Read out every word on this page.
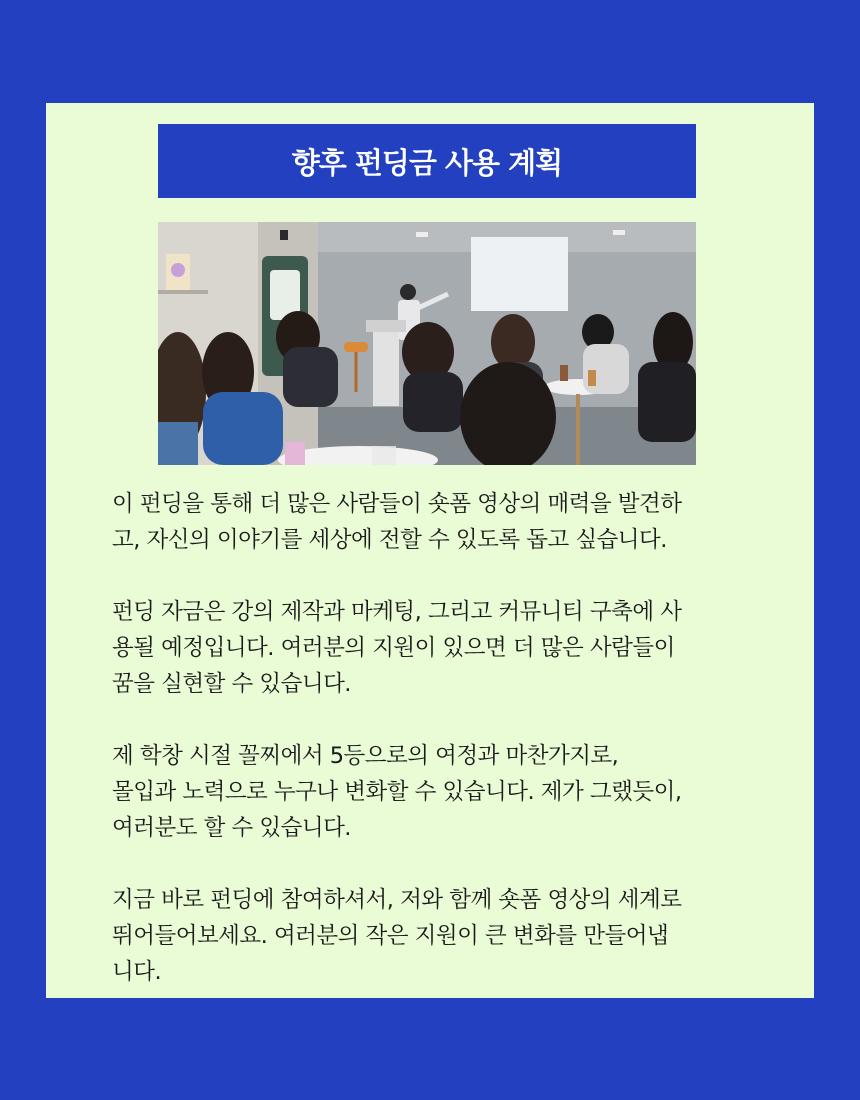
향후 펀딩금 사용 계획

이 펀딩을 통해 더 많은 사람들이 숏폼 영상의 매력을 발견하
고, 자신의 이야기를 세상에 전할 수 있도록 돕고 싶습니다.

펀딩 자금은 강의 제작과 마케팅, 그리고 커뮤니티 구축에 사
용될 예정입니다. 여러분의 지원이 있으면 더 많은 사람들이
꿈을 실현할 수 있습니다.

제 학창 시절 꼴찌에서 5등으로의 여정과 마찬가지로,
몰입과 노력으로 누구나 변화할 수 있습니다. 제가 그랬듯이,
여러분도 할 수 있습니다.

지금 바로 펀딩에 참여하셔서, 저와 함께 숏폼 영상의 세계로
뛰어들어보세요. 여러분의 작은 지원이 큰 변화를 만들어냅
니다.
